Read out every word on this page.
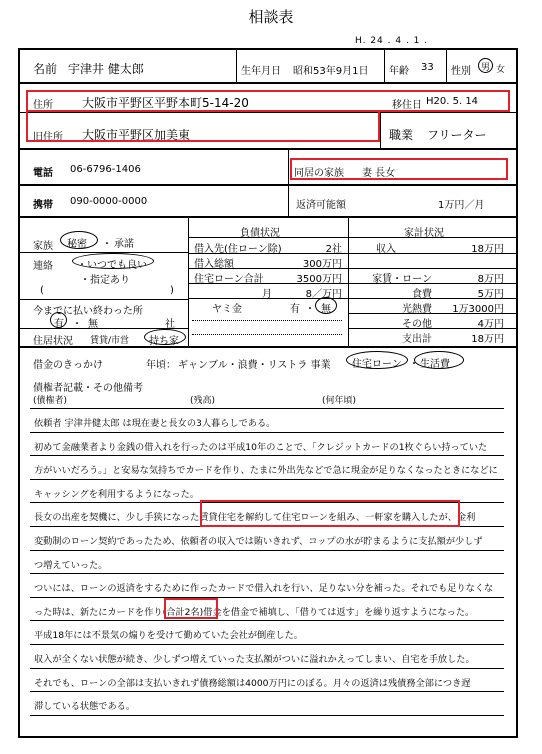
相談表
H. 24 . 4 . 1 .
名前 宇津井 健太郎	生年月日 昭和53年9月1日 年齢 33 性別 男 女
住所 大阪市平野区平野本町5-14-20	移住日 H20. 5. 14
旧住所 大阪市平野区加美東	職業 フリーター
電話 06-6796-1406	同居の家族 妻 長女
携帯 090-0000-0000	返済可能額	1万円／月
家族 秘密 ・ 承諾
連絡 ・いつでも良い
・指定あり
(	)
今までに払い終わった所
有 ・ 無	社
住居状況 賃貸/市営 持ち家
負債状況
借入先(住ローン除)	2社
借入総額	300万円
住宅ローン合計	3500万円
月	8／万円
ヤミ金	有 ・ 無
家計状況
収入	18万円
家賃・ローン	8万円
食費	5万円
光熱費	1万3000円
その他	4万円
支出計	18万円
借金のきっかけ	年頃： ギャンブル・浪費・リストラ 事業 住宅ローン ・ 生活費
債権者記載・その他備考
(債権者)	(残高)	(何年頃)
依頼者 宇津井健太郎 は現在妻と長女の3人暮らしである。
初めて金融業者より金銭の借入れを行ったのは平成10年のことで、「クレジットカードの1枚ぐらい持っていた
方がいいだろう。」と安易な気持ちでカードを作り、たまに外出先などで急に現金が足りなくなったときになどに
キャッシングを利用するようになった。
長女の出産を契機に、少し手狭になった賃貸住宅を解約して住宅ローンを組み、一軒家を購入したが、金利
変動制のローン契約であったため、依頼者の収入では賄いきれず、コップの水が貯まるように支払額が少しず
つ増えていった。
ついには、ローンの返済をするために作ったカードで借入れを行い、足りない分を補った。それでも足りなくな
った時は、新たにカードを作り(合計2名)借金を借金で補填し、「借りては返す」を繰り返すようになった。
平成18年には不景気の煽りを受けて勤めていた会社が倒産した。
収入が全くない状態が続き、少しずつ増えていった支払額がついに溢れかえってしまい、自宅を手放した。
それでも、ローンの全部は支払いきれず債務総額は4000万円にのぼる。月々の返済は残債務全部につき遅
滞している状態である。
